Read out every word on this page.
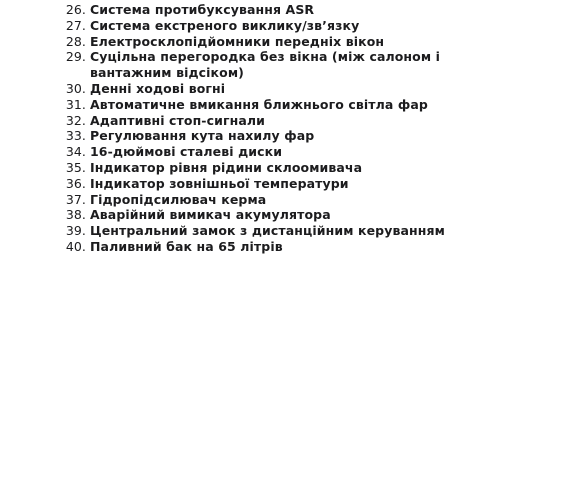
26. Система протибуксування ASR
27. Система екстреного виклику/зв’язку
28. Електросклопідйомники передніх вікон
29. Суцільна перегородка без вікна (між салоном і вантажним відсіком)
30. Денні ходові вогні
31. Автоматичне вмикання ближнього світла фар
32. Адаптивні стоп-сигнали
33. Регулювання кута нахилу фар
34. 16-дюймові сталеві диски
35. Індикатор рівня рідини склоомивача
36. Індикатор зовнішньої температури
37. Гідропідсилювач керма
38. Аварійний вимикач акумулятора
39. Центральний замок з дистанційним керуванням
40. Паливний бак на 65 літрів
